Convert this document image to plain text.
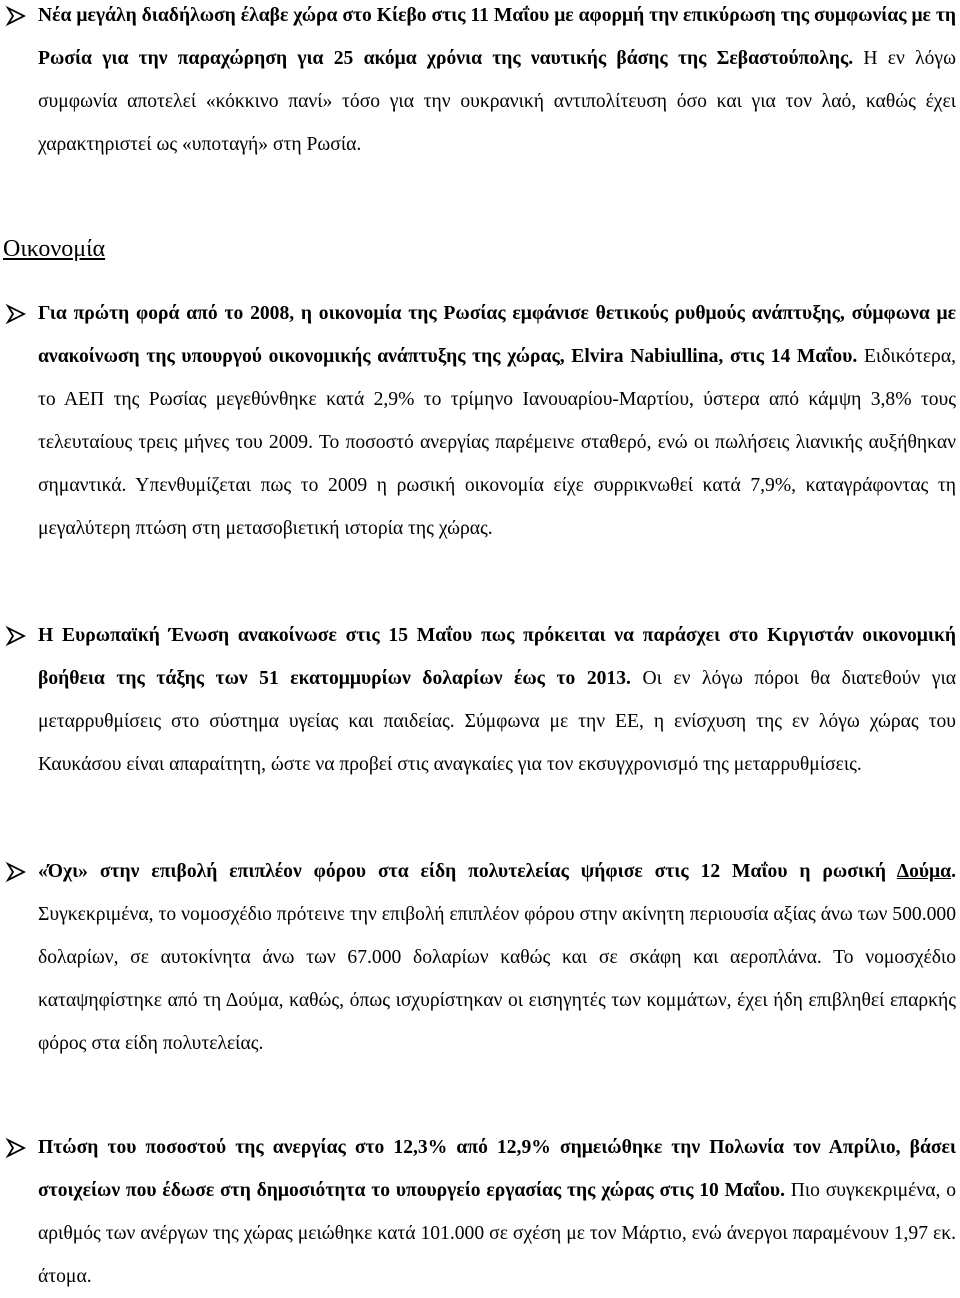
Νέα μεγάλη διαδήλωση έλαβε χώρα στο Κίεβο στις 11 Μαΐου με αφορμή την επικύρωση της συμφωνίας με τη Ρωσία για την παραχώρηση για 25 ακόμα χρόνια της ναυτικής βάσης της Σεβαστούπολης. Η εν λόγω συμφωνία αποτελεί «κόκκινο πανί» τόσο για την ουκρανική αντιπολίτευση όσο και για τον λαό, καθώς έχει χαρακτηριστεί ως «υποταγή» στη Ρωσία.

Οικονομία

Για πρώτη φορά από το 2008, η οικονομία της Ρωσίας εμφάνισε θετικούς ρυθμούς ανάπτυξης, σύμφωνα με ανακοίνωση της υπουργού οικονομικής ανάπτυξης της χώρας, Elvira Nabiullina, στις 14 Μαΐου. Ειδικότερα, το ΑΕΠ της Ρωσίας μεγεθύνθηκε κατά 2,9% το τρίμηνο Ιανουαρίου-Μαρτίου, ύστερα από κάμψη 3,8% τους τελευταίους τρεις μήνες του 2009. Το ποσοστό ανεργίας παρέμεινε σταθερό, ενώ οι πωλήσεις λιανικής αυξήθηκαν σημαντικά. Υπενθυμίζεται πως το 2009 η ρωσική οικονομία είχε συρρικνωθεί κατά 7,9%, καταγράφοντας τη μεγαλύτερη πτώση στη μετασοβιετική ιστορία της χώρας.

Η Ευρωπαϊκή Ένωση ανακοίνωσε στις 15 Μαΐου πως πρόκειται να παράσχει στο Κιργιστάν οικονομική βοήθεια της τάξης των 51 εκατομμυρίων δολαρίων έως το 2013. Οι εν λόγω πόροι θα διατεθούν για μεταρρυθμίσεις στο σύστημα υγείας και παιδείας. Σύμφωνα με την ΕΕ, η ενίσχυση της εν λόγω χώρας του Καυκάσου είναι απαραίτητη, ώστε να προβεί στις αναγκαίες για τον εκσυγχρονισμό της μεταρρυθμίσεις.

«Όχι» στην επιβολή επιπλέον φόρου στα είδη πολυτελείας ψήφισε στις 12 Μαΐου η ρωσική Δούμα. Συγκεκριμένα, το νομοσχέδιο πρότεινε την επιβολή επιπλέον φόρου στην ακίνητη περιουσία αξίας άνω των 500.000 δολαρίων, σε αυτοκίνητα άνω των 67.000 δολαρίων καθώς και σε σκάφη και αεροπλάνα. Το νομοσχέδιο καταψηφίστηκε από τη Δούμα, καθώς, όπως ισχυρίστηκαν οι εισηγητές των κομμάτων, έχει ήδη επιβληθεί επαρκής φόρος στα είδη πολυτελείας.

Πτώση του ποσοστού της ανεργίας στο 12,3% από 12,9% σημειώθηκε την Πολωνία τον Απρίλιο, βάσει στοιχείων που έδωσε στη δημοσιότητα το υπουργείο εργασίας της χώρας στις 10 Μαΐου. Πιο συγκεκριμένα, ο αριθμός των ανέργων της χώρας μειώθηκε κατά 101.000 σε σχέση με τον Μάρτιο, ενώ άνεργοι παραμένουν 1,97 εκ. άτομα.
